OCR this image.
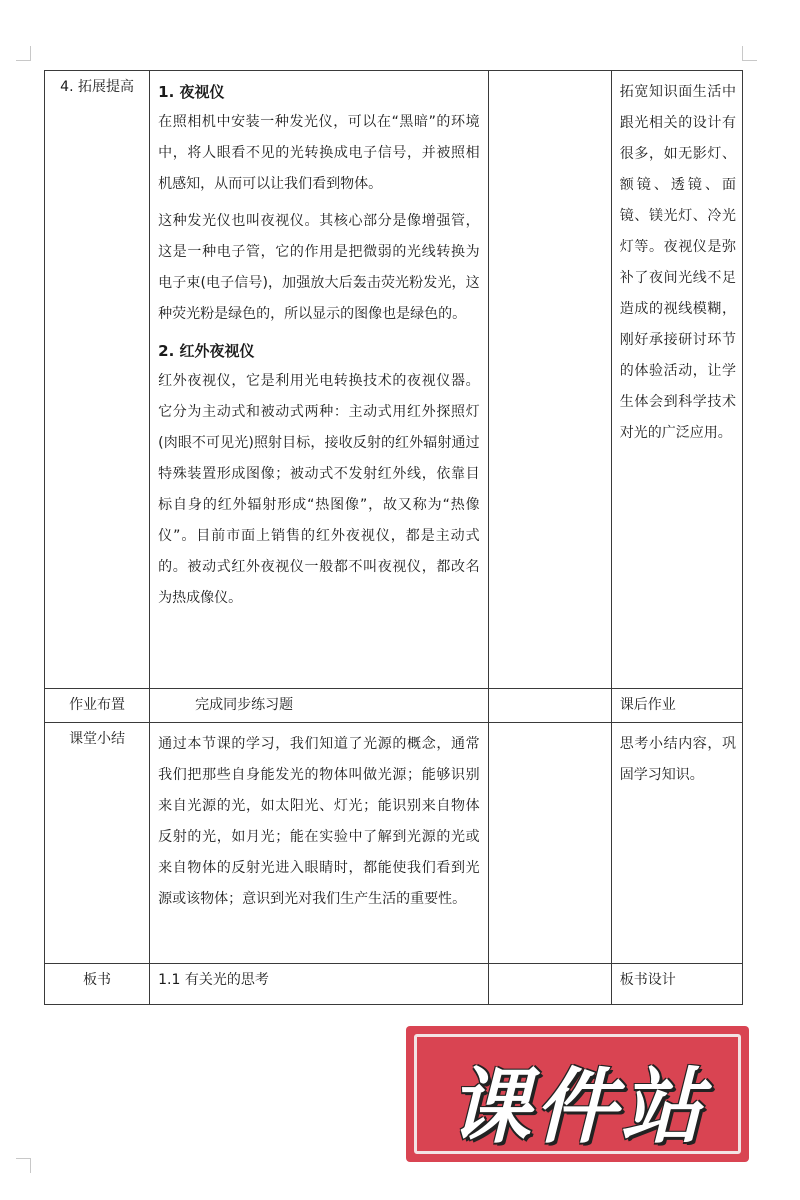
4. 拓展提高	1. 夜视仪
在照相机中安装一种发光仪，可以在“黑暗”的环境中，将人眼看不见的光转换成电子信号，并被照相机感知，从而可以让我们看到物体。
这种发光仪也叫夜视仪。其核心部分是像增强管，这是一种电子管，它的作用是把微弱的光线转换为电子束(电子信号)，加强放大后轰击荧光粉发光，这种荧光粉是绿色的，所以显示的图像也是绿色的。
2. 红外夜视仪
红外夜视仪，它是利用光电转换技术的夜视仪器。它分为主动式和被动式两种：主动式用红外探照灯(肉眼不可见光)照射目标，接收反射的红外辐射通过特殊装置形成图像；被动式不发射红外线，依靠目标自身的红外辐射形成“热图像”，故又称为“热像仪”。目前市面上销售的红外夜视仪，都是主动式的。被动式红外夜视仪一般都不叫夜视仪，都改名为热成像仪。		拓宽知识面生活中跟光相关的设计有很多，如无影灯、额镜、透镜、面镜、镁光灯、冷光灯等。夜视仪是弥补了夜间光线不足造成的视线模糊，刚好承接研讨环节的体验活动，让学生体会到科学技术对光的广泛应用。
作业布置	完成同步练习题		课后作业
课堂小结	通过本节课的学习，我们知道了光源的概念，通常我们把那些自身能发光的物体叫做光源；能够识别来自光源的光，如太阳光、灯光；能识别来自物体反射的光，如月光；能在实验中了解到光源的光或来自物体的反射光进入眼睛时，都能使我们看到光源或该物体；意识到光对我们生产生活的重要性。		思考小结内容，巩固学习知识。
板书	1.1 有关光的思考		板书设计
课件站
